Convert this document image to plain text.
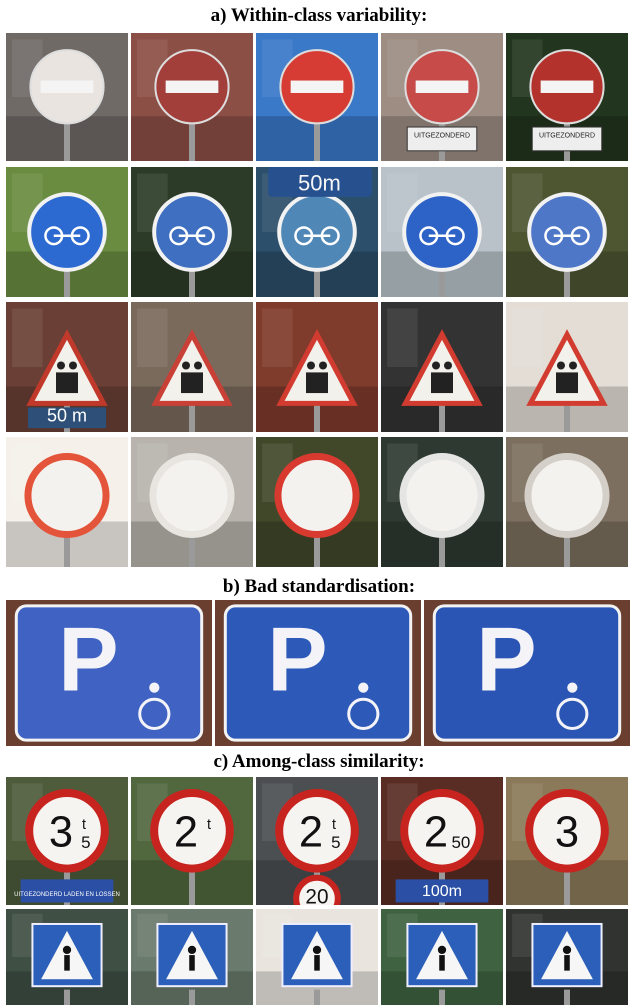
a) Within-class variability:
b) Bad standardisation:
c) Among-class similarity:
UITGEZONDERD	UITGEZONDERD
50m
50 m
P P P
3 t
5
UITGEZONDERD LADEN EN LOSSEN
2 t 2 t
5
20
2 50
100m
3
